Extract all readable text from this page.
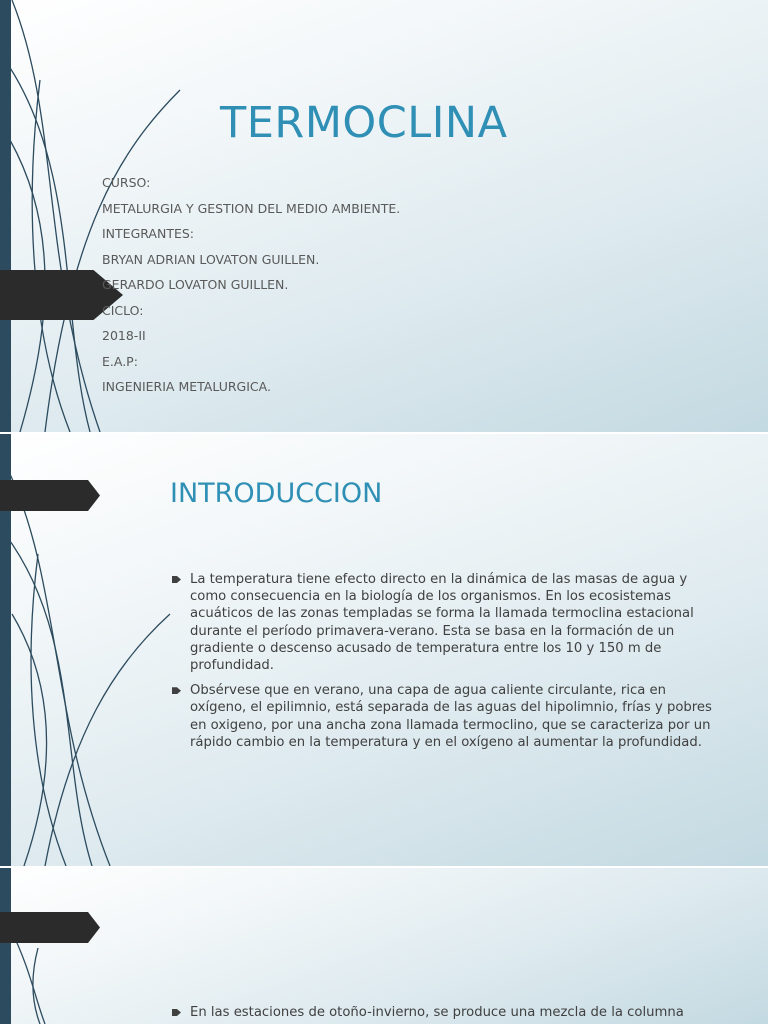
TERMOCLINA
CURSO:
METALURGIA Y GESTION DEL MEDIO AMBIENTE.
INTEGRANTES:
BRYAN ADRIAN LOVATON GUILLEN.
GERARDO LOVATON GUILLEN.
CICLO:
2018-II
E.A.P:
INGENIERIA METALURGICA.
INTRODUCCION
La temperatura tiene efecto directo en la dinámica de las masas de agua y como consecuencia en la biología de los organismos. En los ecosistemas acuáticos de las zonas templadas se forma la llamada termoclina estacional durante el período primavera-verano. Esta se basa en la formación de un gradiente o descenso acusado de temperatura entre los 10 y 150 m de profundidad.
Obsérvese que en verano, una capa de agua caliente circulante, rica en oxígeno, el epilimnio, está separada de las aguas del hipolimnio, frías y pobres en oxigeno, por una ancha zona llamada termoclino, que se caracteriza por un rápido cambio en la temperatura y en el oxígeno al aumentar la profundidad.
En las estaciones de otoño-invierno, se produce una mezcla de la columna
